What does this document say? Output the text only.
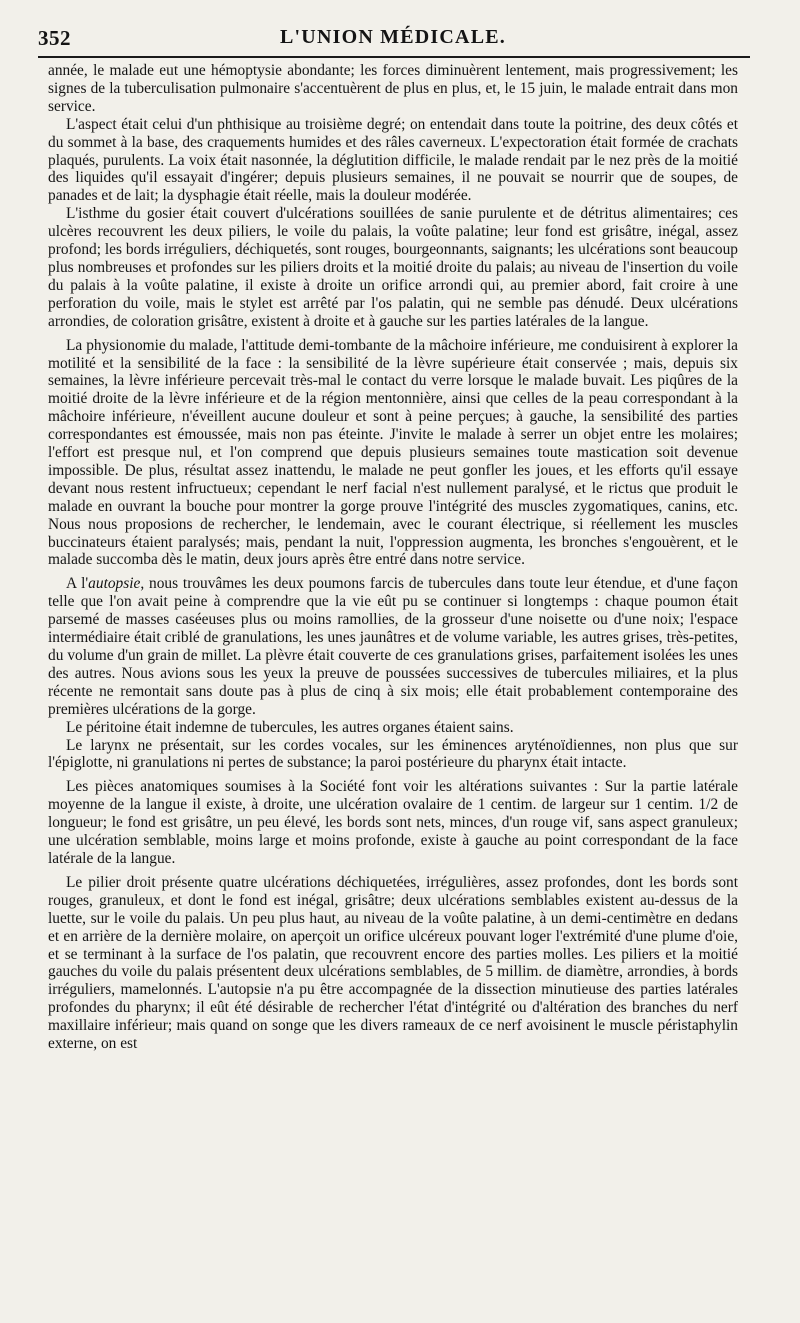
352	L'UNION MÉDICALE.

année, le malade eut une hémoptysie abondante; les forces diminuèrent lentement, mais progressivement; les signes de la tuberculisation pulmonaire s'accentuèrent de plus en plus, et, le 15 juin, le malade entrait dans mon service.

L'aspect était celui d'un phthisique au troisième degré; on entendait dans toute la poitrine, des deux côtés et du sommet à la base, des craquements humides et des râles caverneux. L'expectoration était formée de crachats plaqués, purulents. La voix était nasonnée, la déglutition difficile, le malade rendait par le nez près de la moitié des liquides qu'il essayait d'ingérer; depuis plusieurs semaines, il ne pouvait se nourrir que de soupes, de panades et de lait; la dysphagie était réelle, mais la douleur modérée.

L'isthme du gosier était couvert d'ulcérations souillées de sanie purulente et de détritus alimentaires; ces ulcères recouvrent les deux piliers, le voile du palais, la voûte palatine; leur fond est grisâtre, inégal, assez profond; les bords irréguliers, déchiquetés, sont rouges, bourgeonnants, saignants; les ulcérations sont beaucoup plus nombreuses et profondes sur les piliers droits et la moitié droite du palais; au niveau de l'insertion du voile du palais à la voûte palatine, il existe à droite un orifice arrondi qui, au premier abord, fait croire à une perforation du voile, mais le stylet est arrêté par l'os palatin, qui ne semble pas dénudé. Deux ulcérations arrondies, de coloration grisâtre, existent à droite et à gauche sur les parties latérales de la langue.

La physionomie du malade, l'attitude demi-tombante de la mâchoire inférieure, me conduisirent à explorer la motilité et la sensibilité de la face : la sensibilité de la lèvre supérieure était conservée ; mais, depuis six semaines, la lèvre inférieure percevait très-mal le contact du verre lorsque le malade buvait. Les piqûres de la moitié droite de la lèvre inférieure et de la région mentonnière, ainsi que celles de la peau correspondant à la mâchoire inférieure, n'éveillent aucune douleur et sont à peine perçues; à gauche, la sensibilité des parties correspondantes est émoussée, mais non pas éteinte. J'invite le malade à serrer un objet entre les molaires; l'effort est presque nul, et l'on comprend que depuis plusieurs semaines toute mastication soit devenue impossible. De plus, résultat assez inattendu, le malade ne peut gonfler les joues, et les efforts qu'il essaye devant nous restent infructueux; cependant le nerf facial n'est nullement paralysé, et le rictus que produit le malade en ouvrant la bouche pour montrer la gorge prouve l'intégrité des muscles zygomatiques, canins, etc. Nous nous proposions de rechercher, le lendemain, avec le courant électrique, si réellement les muscles buccinateurs étaient paralysés; mais, pendant la nuit, l'oppression augmenta, les bronches s'engouèrent, et le malade succomba dès le matin, deux jours après être entré dans notre service.

A l'autopsie, nous trouvâmes les deux poumons farcis de tubercules dans toute leur étendue, et d'une façon telle que l'on avait peine à comprendre que la vie eût pu se continuer si longtemps : chaque poumon était parsemé de masses caséeuses plus ou moins ramollies, de la grosseur d'une noisette ou d'une noix; l'espace intermédiaire était criblé de granulations, les unes jaunâtres et de volume variable, les autres grises, très-petites, du volume d'un grain de millet. La plèvre était couverte de ces granulations grises, parfaitement isolées les unes des autres. Nous avions sous les yeux la preuve de poussées successives de tubercules miliaires, et la plus récente ne remontait sans doute pas à plus de cinq à six mois; elle était probablement contemporaine des premières ulcérations de la gorge.

Le péritoine était indemne de tubercules, les autres organes étaient sains.

Le larynx ne présentait, sur les cordes vocales, sur les éminences aryténoïdiennes, non plus que sur l'épiglotte, ni granulations ni pertes de substance; la paroi postérieure du pharynx était intacte.

Les pièces anatomiques soumises à la Société font voir les altérations suivantes : Sur la partie latérale moyenne de la langue il existe, à droite, une ulcération ovalaire de 1 centim. de largeur sur 1 centim. 1/2 de longueur; le fond est grisâtre, un peu élevé, les bords sont nets, minces, d'un rouge vif, sans aspect granuleux; une ulcération semblable, moins large et moins profonde, existe à gauche au point correspondant de la face latérale de la langue.

Le pilier droit présente quatre ulcérations déchiquetées, irrégulières, assez profondes, dont les bords sont rouges, granuleux, et dont le fond est inégal, grisâtre; deux ulcérations semblables existent au-dessus de la luette, sur le voile du palais. Un peu plus haut, au niveau de la voûte palatine, à un demi-centimètre en dedans et en arrière de la dernière molaire, on aperçoit un orifice ulcéreux pouvant loger l'extrémité d'une plume d'oie, et se terminant à la surface de l'os palatin, que recouvrent encore des parties molles. Les piliers et la moitié gauches du voile du palais présentent deux ulcérations semblables, de 5 millim. de diamètre, arrondies, à bords irréguliers, mamelonnés. L'autopsie n'a pu être accompagnée de la dissection minutieuse des parties latérales profondes du pharynx; il eût été désirable de rechercher l'état d'intégrité ou d'altération des branches du nerf maxillaire inférieur; mais quand on songe que les divers rameaux de ce nerf avoisinent le muscle péristaphylin externe, on est
